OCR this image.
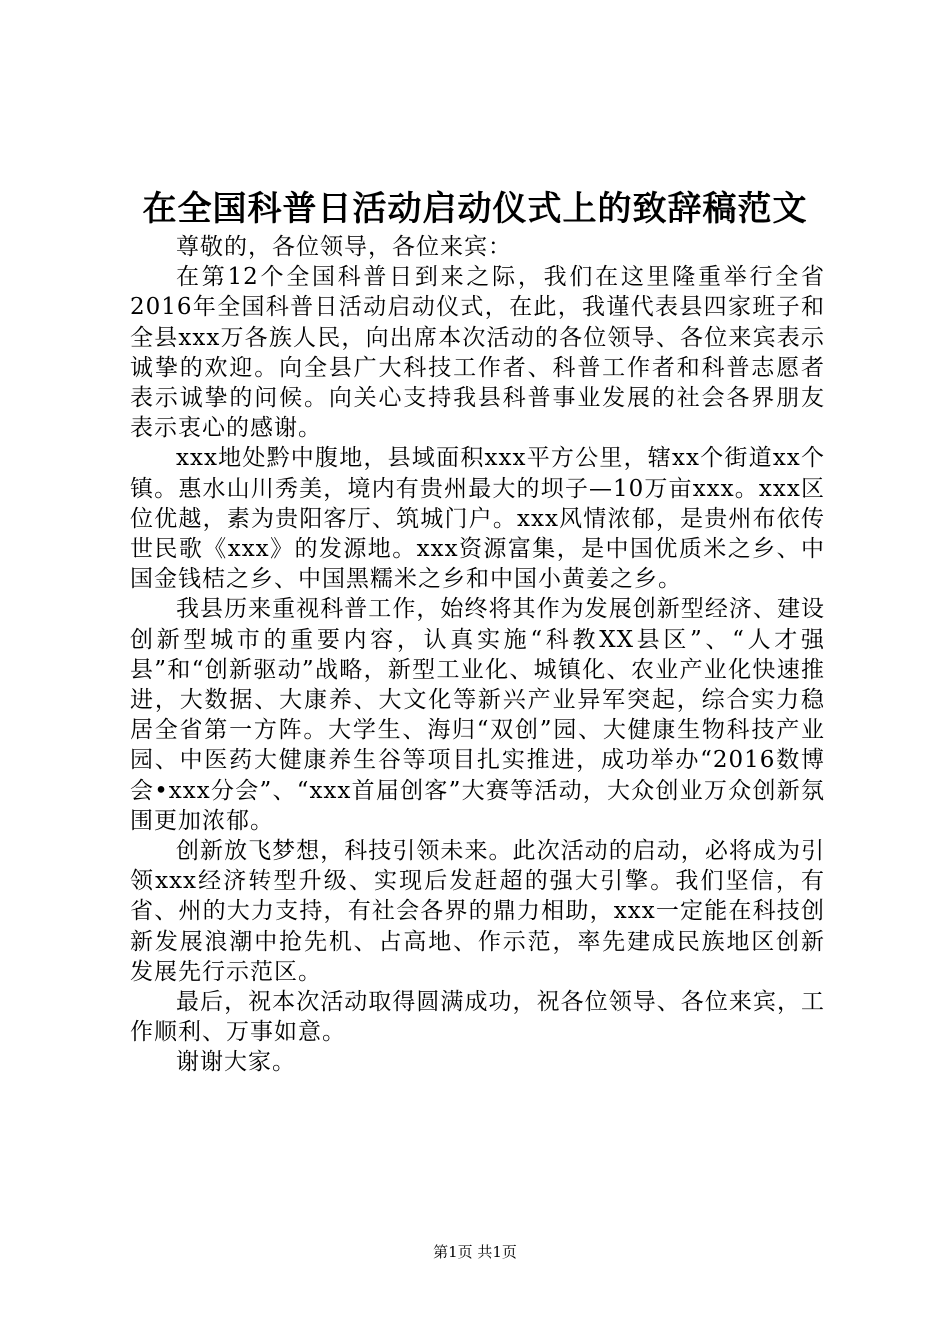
在全国科普日活动启动仪式上的致辞稿范文

尊敬的，各位领导，各位来宾：

在第12个全国科普日到来之际，我们在这里隆重举行全省2016年全国科普日活动启动仪式，在此，我谨代表县四家班子和全县xxx万各族人民，向出席本次活动的各位领导、各位来宾表示诚挚的欢迎。向全县广大科技工作者、科普工作者和科普志愿者表示诚挚的问候。向关心支持我县科普事业发展的社会各界朋友表示衷心的感谢。

xxx地处黔中腹地，县域面积xxx平方公里，辖xx个街道xx个镇。惠水山川秀美，境内有贵州最大的坝子—10万亩xxx。xxx区位优越，素为贵阳客厅、筑城门户。xxx风情浓郁，是贵州布依传世民歌《xxx》的发源地。xxx资源富集，是中国优质米之乡、中国金钱桔之乡、中国黑糯米之乡和中国小黄姜之乡。

我县历来重视科普工作，始终将其作为发展创新型经济、建设创新型城市的重要内容，认真实施“科教XX县区”、“人才强县”和“创新驱动”战略，新型工业化、城镇化、农业产业化快速推进，大数据、大康养、大文化等新兴产业异军突起，综合实力稳居全省第一方阵。大学生、海归“双创”园、大健康生物科技产业园、中医药大健康养生谷等项目扎实推进，成功举办“2016数博会•xxx分会”、“xxx首届创客”大赛等活动，大众创业万众创新氛围更加浓郁。

创新放飞梦想，科技引领未来。此次活动的启动，必将成为引领xxx经济转型升级、实现后发赶超的强大引擎。我们坚信，有省、州的大力支持，有社会各界的鼎力相助，xxx一定能在科技创新发展浪潮中抢先机、占高地、作示范，率先建成民族地区创新发展先行示范区。

最后，祝本次活动取得圆满成功，祝各位领导、各位来宾，工作顺利、万事如意。

谢谢大家。

第1页 共1页
